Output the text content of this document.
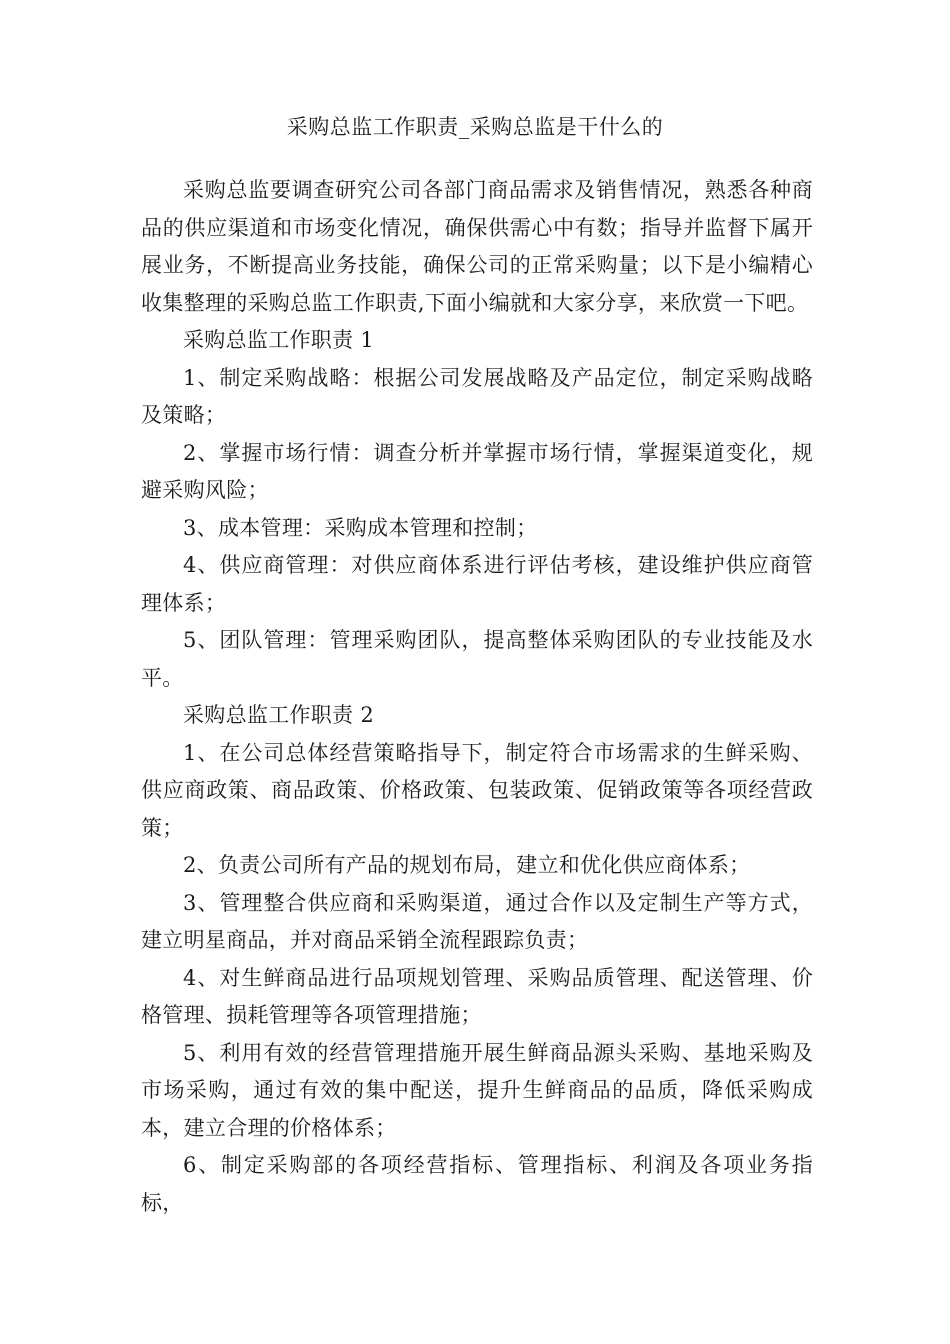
采购总监工作职责_采购总监是干什么的

采购总监要调查研究公司各部门商品需求及销售情况，熟悉各种商品的供应渠道和市场变化情况，确保供需心中有数；指导并监督下属开展业务，不断提高业务技能，确保公司的正常采购量；以下是小编精心收集整理的采购总监工作职责,下面小编就和大家分享，来欣赏一下吧。

采购总监工作职责 1

1、制定采购战略：根据公司发展战略及产品定位，制定采购战略及策略；

2、掌握市场行情：调查分析并掌握市场行情，掌握渠道变化，规避采购风险；

3、成本管理：采购成本管理和控制；

4、供应商管理：对供应商体系进行评估考核，建设维护供应商管理体系；

5、团队管理：管理采购团队，提高整体采购团队的专业技能及水平。

采购总监工作职责 2

1、在公司总体经营策略指导下，制定符合市场需求的生鲜采购、供应商政策、商品政策、价格政策、包装政策、促销政策等各项经营政策；

2、负责公司所有产品的规划布局，建立和优化供应商体系；

3、管理整合供应商和采购渠道，通过合作以及定制生产等方式，建立明星商品，并对商品采销全流程跟踪负责；

4、对生鲜商品进行品项规划管理、采购品质管理、配送管理、价格管理、损耗管理等各项管理措施；

5、利用有效的经营管理措施开展生鲜商品源头采购、基地采购及市场采购，通过有效的集中配送，提升生鲜商品的品质，降低采购成本，建立合理的价格体系；

6、制定采购部的各项经营指标、管理指标、利润及各项业务指标，
